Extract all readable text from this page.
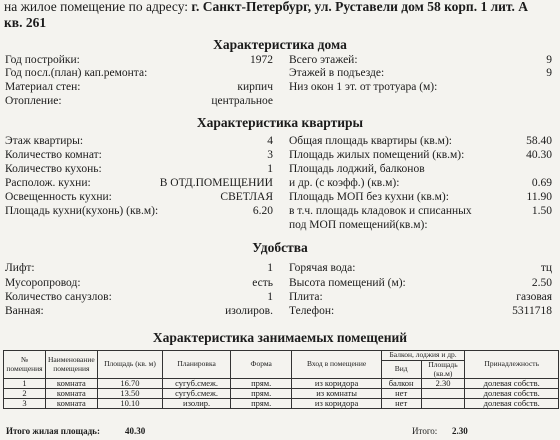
на жилое помещение по адресу: г. Санкт-Петербург, ул. Руставели дом 58 корп. 1 лит. А
кв. 261
Характеристика дома
Год постройки:	1972
Год посл.(план) кап.ремонта:
Материал стен:	кирпич
Отопление:	центральное
Всего этажей:	9
Этажей в подъезде:	9
Низ окон 1 эт. от тротуара (м):
Характеристика квартиры
Этаж квартиры:	4
Количество комнат:	3
Количество кухонь:	1
Располож. кухни:	В ОТД.ПОМЕЩЕНИИ
Освещенность кухни:	СВЕТЛАЯ
Площадь кухни(кухонь) (кв.м):	6.20
Общая площадь квартиры (кв.м):	58.40
Площадь жилых помещений (кв.м):	40.30
Площадь лоджий, балконов
и др. (с коэфф.) (кв.м):	0.69
Площадь МОП без кухни (кв.м):	11.90
в т.ч. площадь кладовок и списанных	1.50
под МОП помещений(кв.м):
Удобства
Лифт:	1
Мусоропровод:	есть
Количество санузлов:	1
Ванная:	изолиров.
Горячая вода:	тц
Высота помещений (м):	2.50
Плита:	газовая
Телефон:	5311718
Характеристика занимаемых помещений
№ помещения	Наименование помещения	Площадь (кв. м)	Планировка	Форма	Вход в помещение	Балкон, лоджия и др.		Принадлежность
						Вид	Площадь (кв.м)	
1	комната	16.70	сугуб.смеж.	прям.	из коридора	балкон	2.30	долевая собств.
2	комната	13.50	сугуб.смеж.	прям.	из комнаты	нет		долевая собств.
3	комната	10.10	изолир.	прям.	из коридора	нет		долевая собств.
Итого жилая площадь:	40.30	Итого: 2.30
